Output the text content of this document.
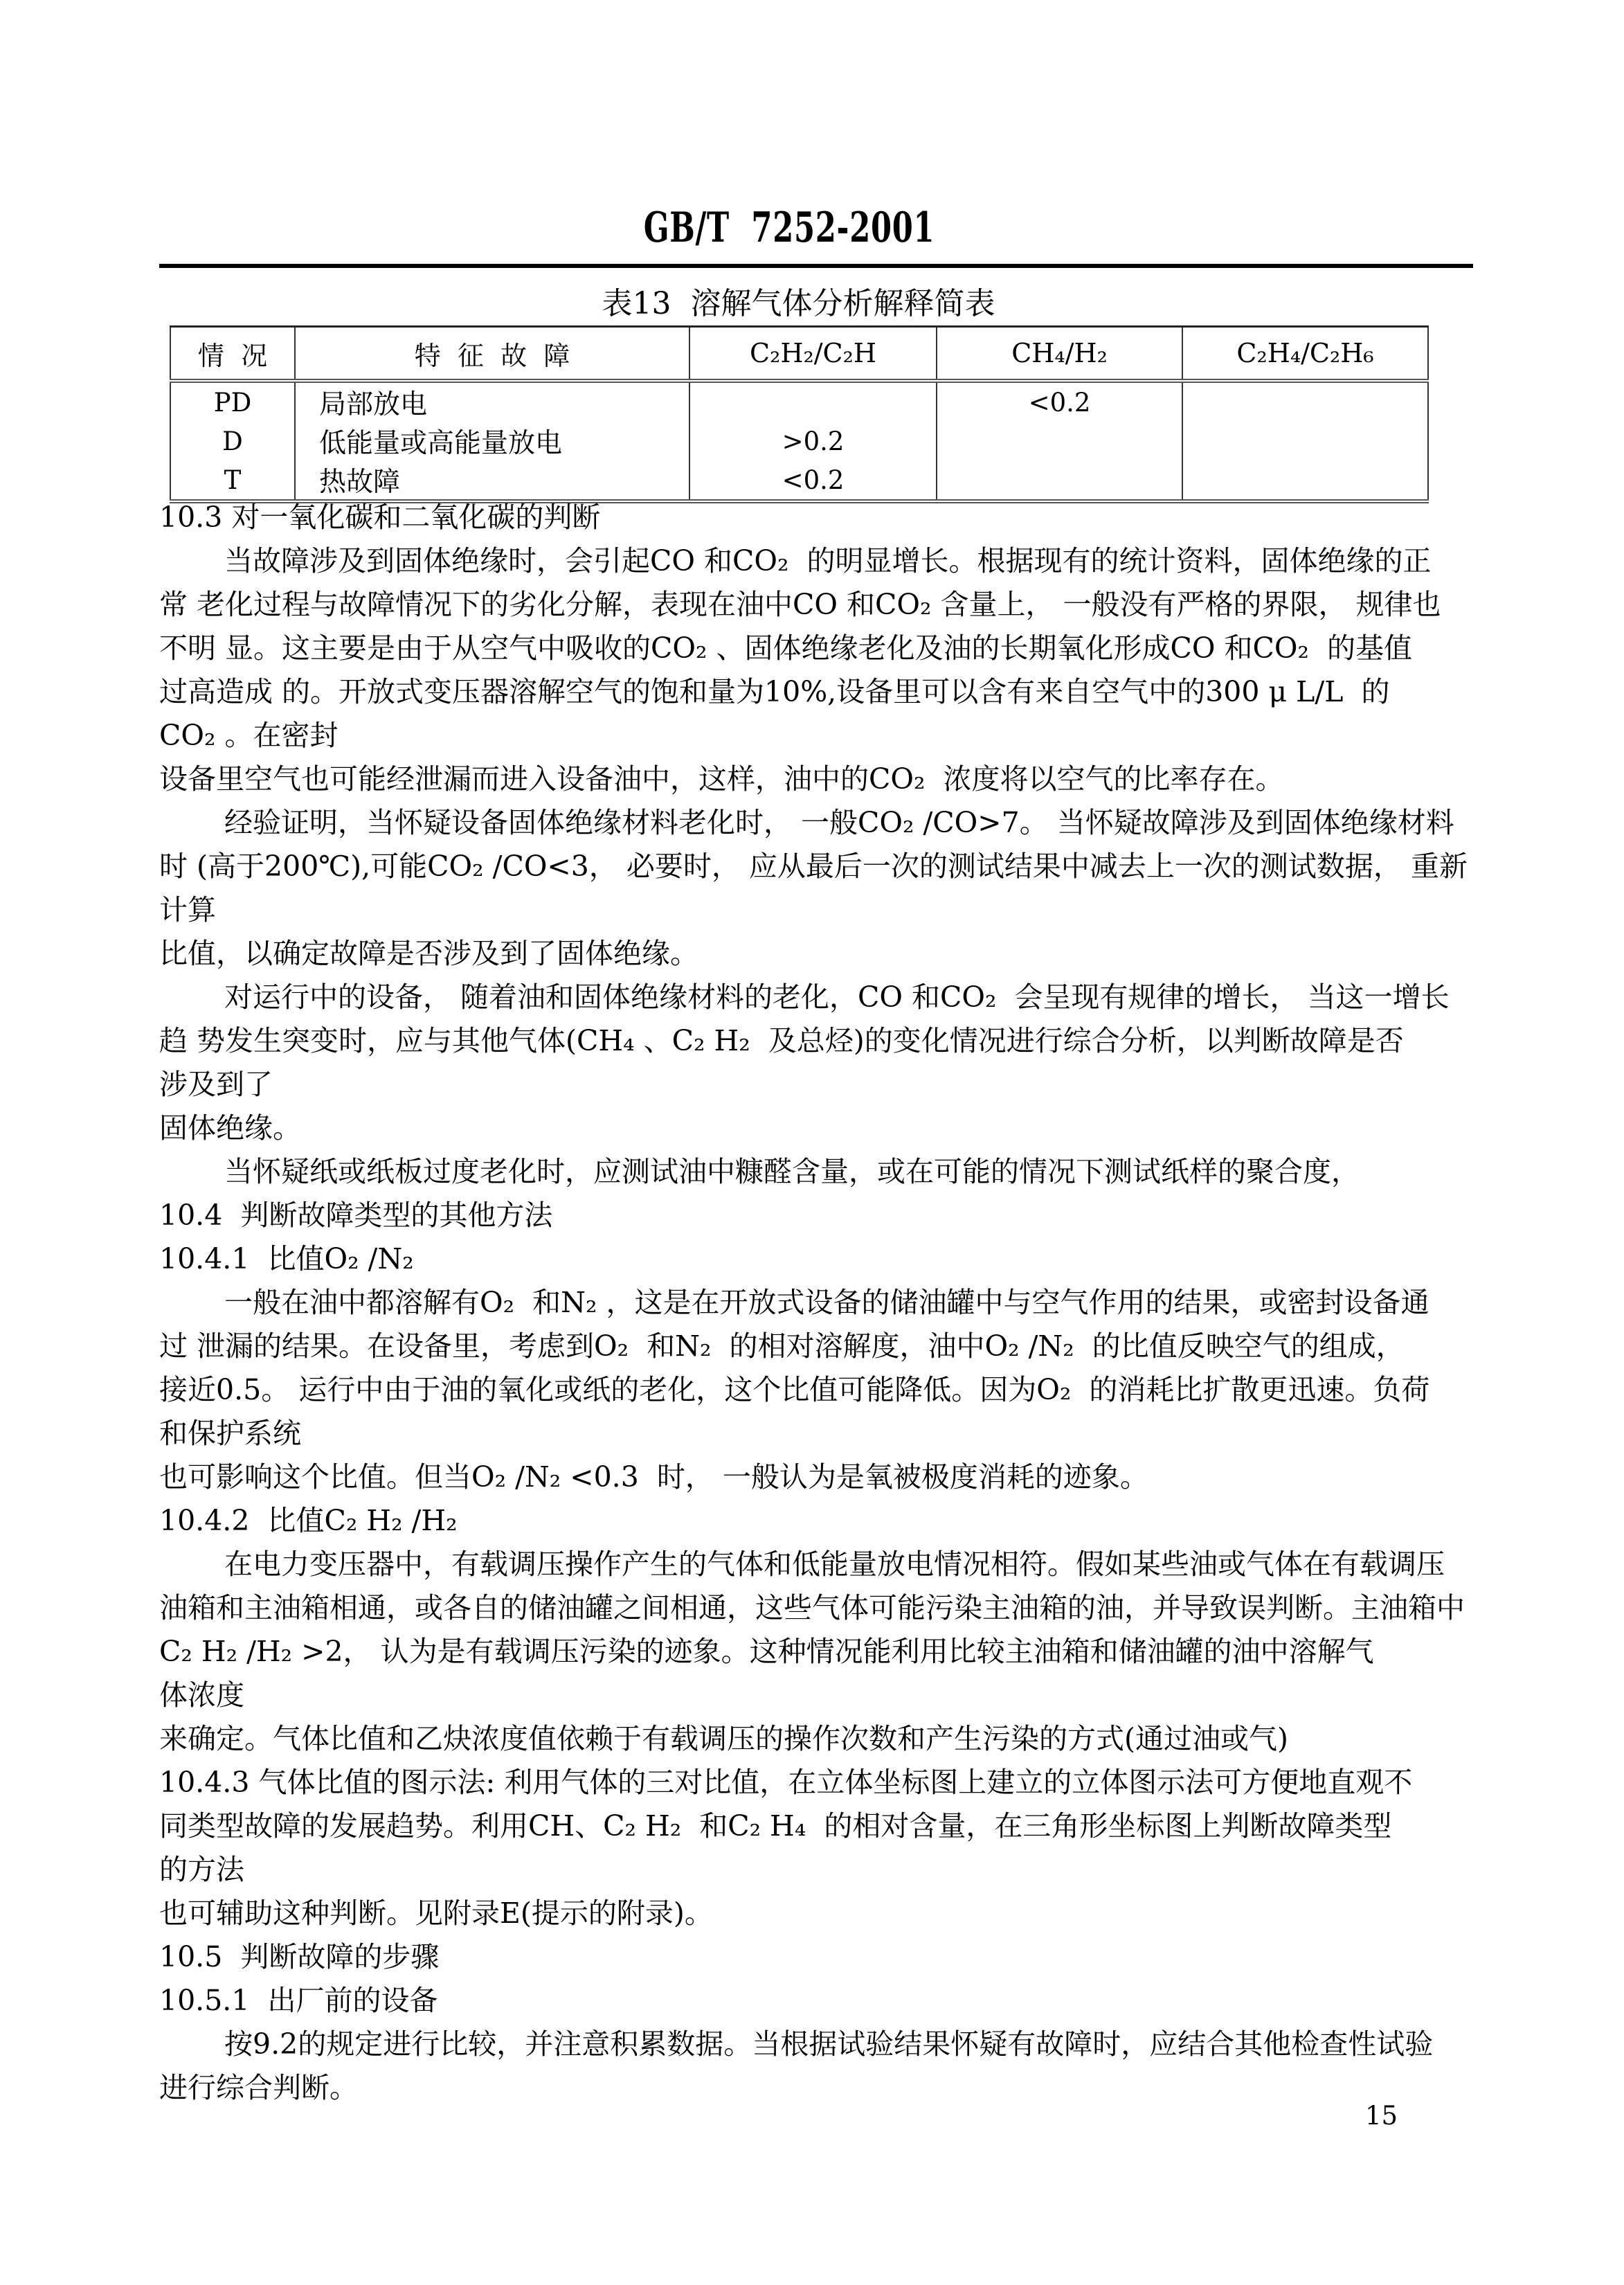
GB/T  7252-2001
表13  溶解气体分析解释简表
情  况	特  征  故  障	C₂H₂/C₂H	CH₄/H₂	C₂H₄/C₂H₆
PD	局部放电		<0.2	
D	低能量或高能量放电	>0.2		
T	热故障	<0.2		
10.3 对一氧化碳和二氧化碳的判断
当故障涉及到固体绝缘时，会引起CO 和CO₂  的明显增长。根据现有的统计资料，固体绝缘的正
常 老化过程与故障情况下的劣化分解，表现在油中CO 和CO₂ 含量上， 一般没有严格的界限， 规律也
不明 显。这主要是由于从空气中吸收的CO₂ 、固体绝缘老化及油的长期氧化形成CO 和CO₂  的基值
过高造成 的。开放式变压器溶解空气的饱和量为10%,设备里可以含有来自空气中的300 μ L/L  的
CO₂ 。在密封
设备里空气也可能经泄漏而进入设备油中，这样，油中的CO₂  浓度将以空气的比率存在。
经验证明，当怀疑设备固体绝缘材料老化时， 一般CO₂ /CO>7。 当怀疑故障涉及到固体绝缘材料
时 (高于200℃),可能CO₂ /CO<3， 必要时， 应从最后一次的测试结果中减去上一次的测试数据， 重新
计算
比值，以确定故障是否涉及到了固体绝缘。
对运行中的设备， 随着油和固体绝缘材料的老化，CO 和CO₂  会呈现有规律的增长， 当这一增长
趋 势发生突变时，应与其他气体(CH₄ 、C₂ H₂  及总烃)的变化情况进行综合分析，以判断故障是否
涉及到了
固体绝缘。
当怀疑纸或纸板过度老化时，应测试油中糠醛含量，或在可能的情况下测试纸样的聚合度，
10.4  判断故障类型的其他方法
10.4.1  比值O₂ /N₂
一般在油中都溶解有O₂  和N₂ ，这是在开放式设备的储油罐中与空气作用的结果，或密封设备通
过 泄漏的结果。在设备里，考虑到O₂  和N₂  的相对溶解度，油中O₂ /N₂  的比值反映空气的组成，
接近0.5。 运行中由于油的氧化或纸的老化，这个比值可能降低。因为O₂  的消耗比扩散更迅速。负荷
和保护系统
也可影响这个比值。但当O₂ /N₂ <0.3  时， 一般认为是氧被极度消耗的迹象。
10.4.2  比值C₂ H₂ /H₂
在电力变压器中，有载调压操作产生的气体和低能量放电情况相符。假如某些油或气体在有载调压
油箱和主油箱相通，或各自的储油罐之间相通，这些气体可能污染主油箱的油，并导致误判断。主油箱中
C₂ H₂ /H₂ >2， 认为是有载调压污染的迹象。这种情况能利用比较主油箱和储油罐的油中溶解气
体浓度
来确定。气体比值和乙炔浓度值依赖于有载调压的操作次数和产生污染的方式(通过油或气)
10.4.3 气体比值的图示法: 利用气体的三对比值，在立体坐标图上建立的立体图示法可方便地直观不
同类型故障的发展趋势。利用CH、C₂ H₂  和C₂ H₄  的相对含量，在三角形坐标图上判断故障类型
的方法
也可辅助这种判断。见附录E(提示的附录)。
10.5  判断故障的步骤
10.5.1  出厂前的设备
按9.2的规定进行比较，并注意积累数据。当根据试验结果怀疑有故障时，应结合其他检查性试验
进行综合判断。
15
